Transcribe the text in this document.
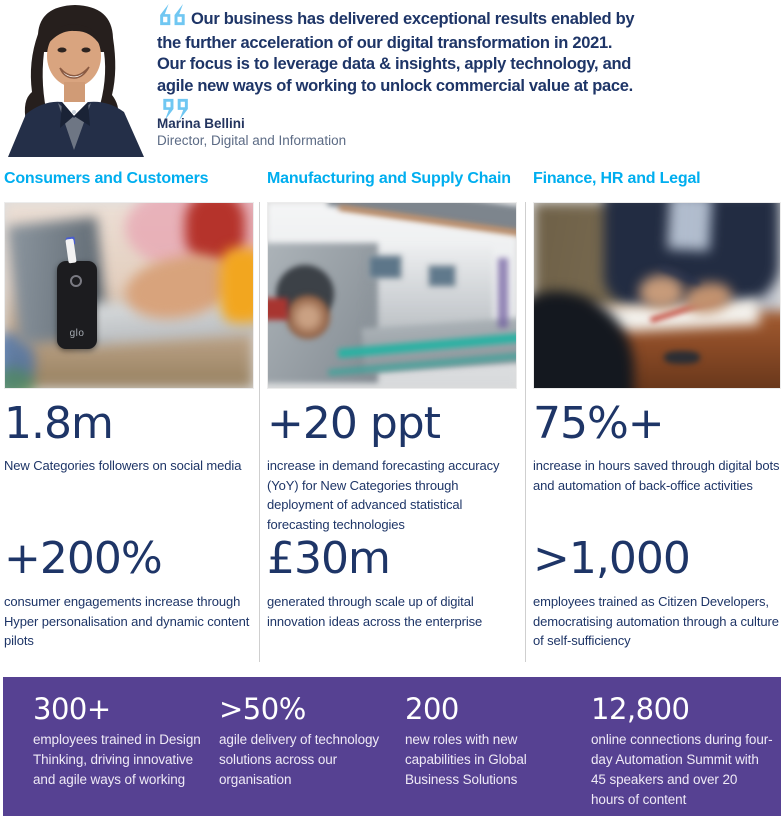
Our business has delivered exceptional results enabled by the further acceleration of our digital transformation in 2021. Our focus is to leverage data & insights, apply technology, and agile new ways of working to unlock commercial value at pace.

Marina Bellini
Director, Digital and Information
Consumers and Customers	Manufacturing and Supply Chain	Finance, HR and Legal
glo
1.8m
New Categories followers on social media
+200%
consumer engagements increase through Hyper personalisation and dynamic content pilots
+20 ppt
increase in demand forecasting accuracy (YoY) for New Categories through deployment of advanced statistical forecasting technologies
£30m
generated through scale up of digital innovation ideas across the enterprise
75%+
increase in hours saved through digital bots and automation of back-office activities
>1,000
employees trained as Citizen Developers, democratising automation through a culture of self-sufficiency
300+
employees trained in Design Thinking, driving innovative and agile ways of working
>50%
agile delivery of technology solutions across our organisation
200
new roles with new capabilities in Global Business Solutions
12,800
online connections during four-day Automation Summit with 45 speakers and over 20 hours of content
